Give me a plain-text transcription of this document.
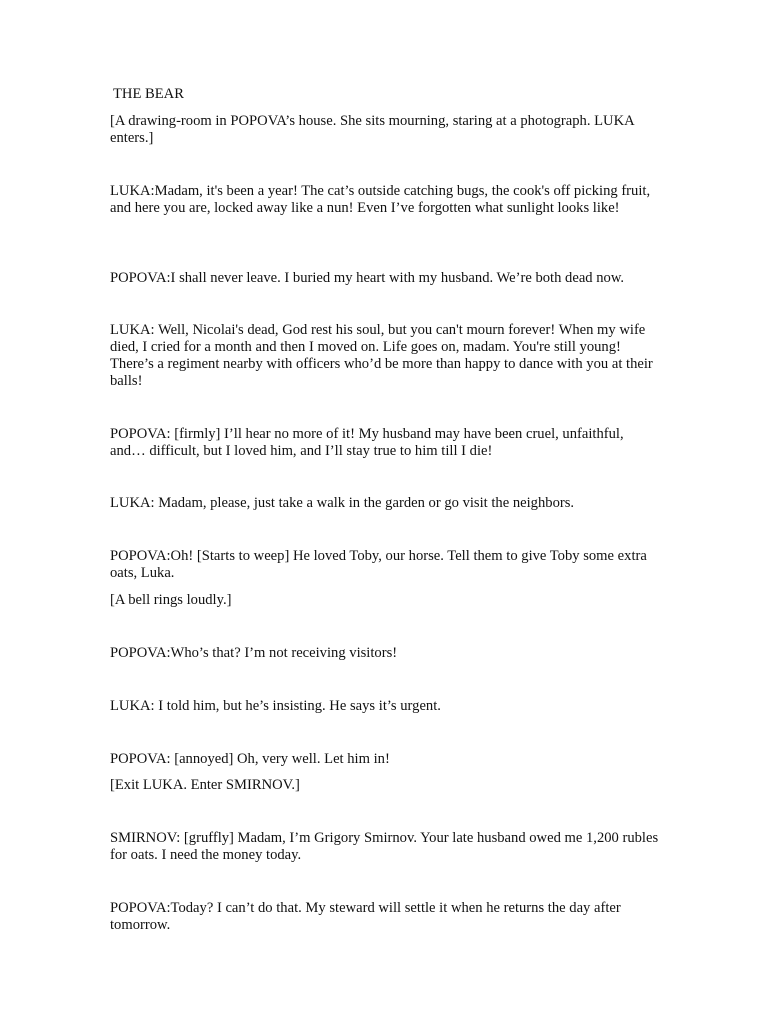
THE BEAR

[A drawing-room in POPOVA’s house. She sits mourning, staring at a photograph. LUKA enters.]

LUKA:Madam, it's been a year! The cat’s outside catching bugs, the cook's off picking fruit, and here you are, locked away like a nun! Even I’ve forgotten what sunlight looks like!

POPOVA:I shall never leave. I buried my heart with my husband. We’re both dead now.

LUKA: Well, Nicolai's dead, God rest his soul, but you can't mourn forever! When my wife died, I cried for a month and then I moved on. Life goes on, madam. You're still young! There’s a regiment nearby with officers who’d be more than happy to dance with you at their balls!

POPOVA: [firmly] I’ll hear no more of it! My husband may have been cruel, unfaithful, and… difficult, but I loved him, and I’ll stay true to him till I die!

LUKA: Madam, please, just take a walk in the garden or go visit the neighbors.

POPOVA:Oh! [Starts to weep] He loved Toby, our horse. Tell them to give Toby some extra oats, Luka.

[A bell rings loudly.]

POPOVA:Who’s that? I’m not receiving visitors!

LUKA: I told him, but he’s insisting. He says it’s urgent.

POPOVA: [annoyed] Oh, very well. Let him in!

[Exit LUKA. Enter SMIRNOV.]

SMIRNOV: [gruffly] Madam, I’m Grigory Smirnov. Your late husband owed me 1,200 rubles for oats. I need the money today.

POPOVA:Today? I can’t do that. My steward will settle it when he returns the day after tomorrow.
